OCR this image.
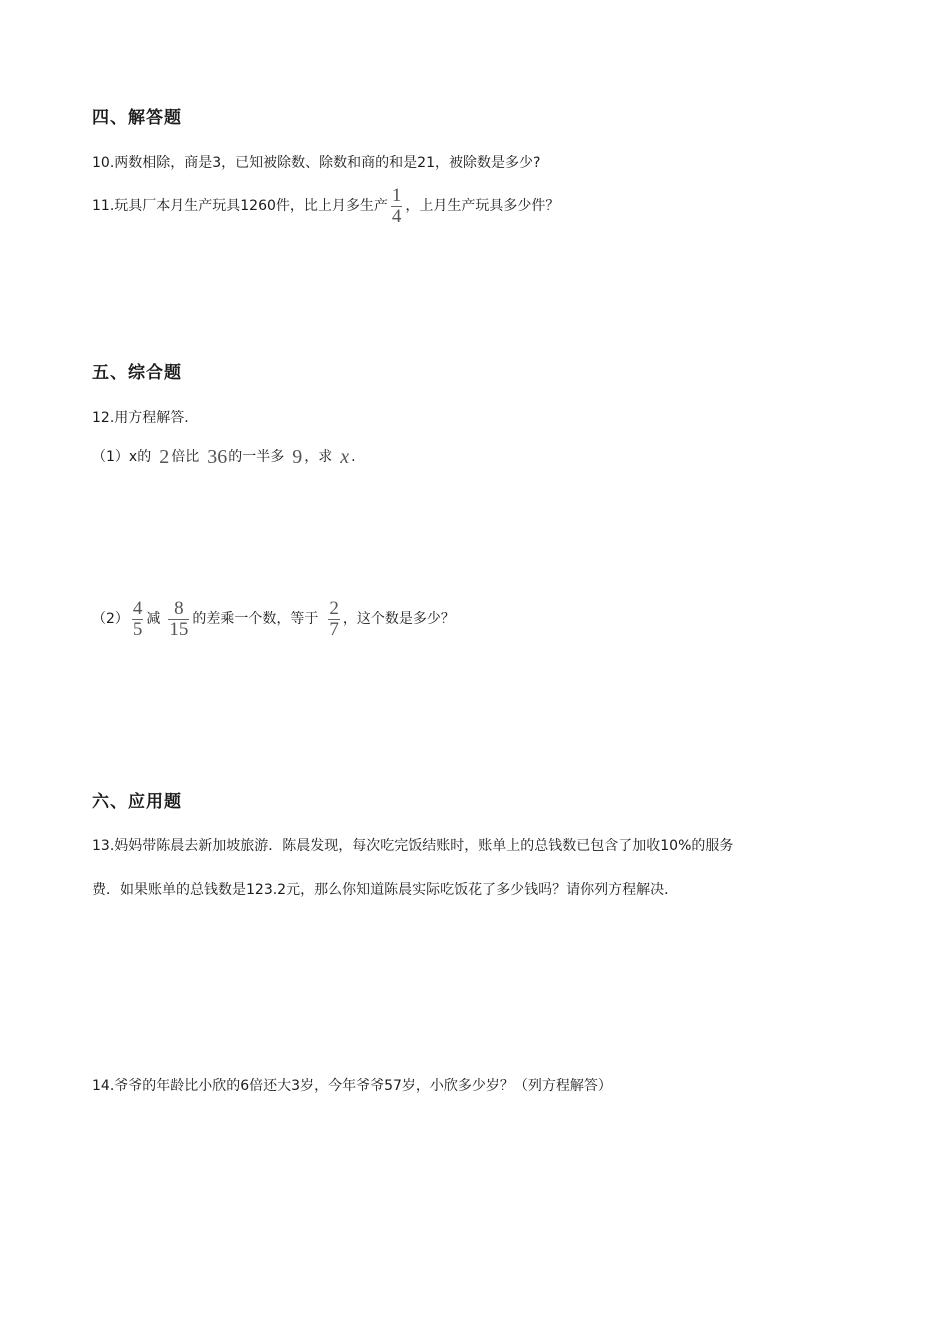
四、解答题
10.两数相除，商是3，已知被除数、除数和商的和是21，被除数是多少?
11.玩具厂本月生产玩具1260件，比上月多生产 $\frac{1}{4}$ ，上月生产玩具多少件？
五、综合题
12.用方程解答.
（1）x的 2 倍比 36 的一半多 9 ，求 x .
$(2) \frac{4}{5}$ 减 $\frac{8}{15}$ 的差乘一个数，等于 $\frac{2}{7}$ ，这个数是多少？
六、应用题
13.妈妈带陈晨去新加坡旅游．陈晨发现，每次吃完饭结账时，账单上的总钱数已包含了加收10%的服务
费．如果账单的总钱数是123.2元，那么你知道陈晨实际吃饭花了多少钱吗？请你列方程解决．
14.爷爷的年龄比小欣的6倍还大3岁，今年爷爷57岁，小欣多少岁？（列方程解答）
